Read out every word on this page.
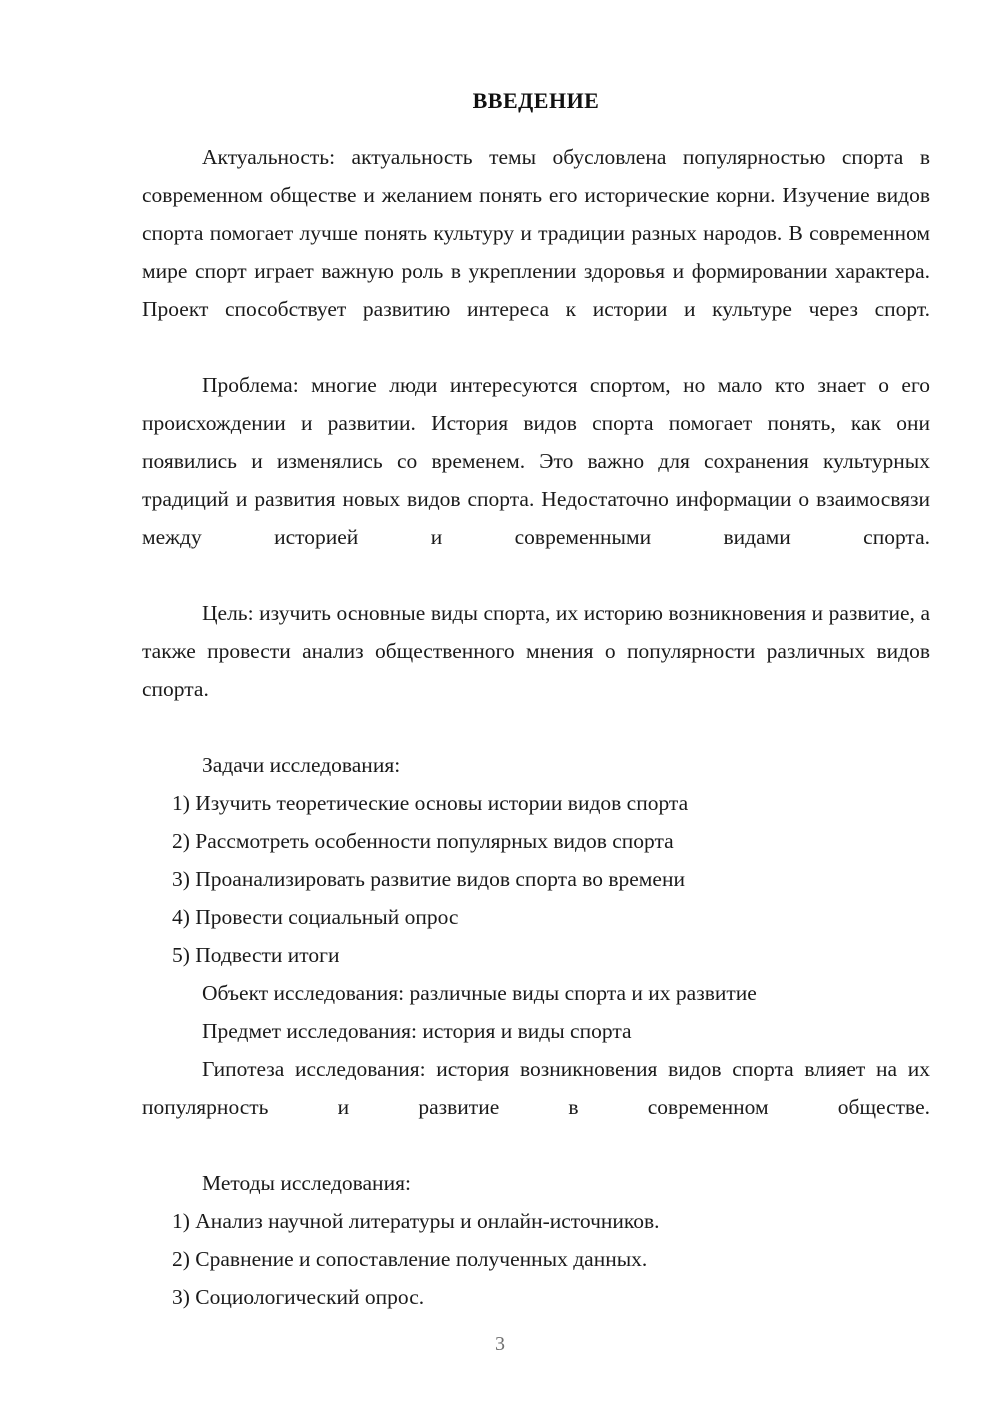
ВВЕДЕНИЕ

Актуальность: актуальность темы обусловлена популярностью спорта в современном обществе и желанием понять его исторические корни. Изучение видов спорта помогает лучше понять культуру и традиции разных народов. В современном мире спорт играет важную роль в укреплении здоровья и формировании характера. Проект способствует развитию интереса к истории и культуре через спорт.

Проблема: многие люди интересуются спортом, но мало кто знает о его происхождении и развитии. История видов спорта помогает понять, как они появились и изменялись со временем. Это важно для сохранения культурных традиций и развития новых видов спорта. Недостаточно информации о взаимосвязи между историей и современными видами спорта.

Цель: изучить основные виды спорта, их историю возникновения и развитие, а также провести анализ общественного мнения о популярности различных видов спорта.

Задачи исследования:

1) Изучить теоретические основы истории видов спорта
2) Рассмотреть особенности популярных видов спорта
3) Проанализировать развитие видов спорта во времени
4) Провести социальный опрос
5) Подвести итоги

Объект исследования: различные виды спорта и их развитие

Предмет исследования: история и виды спорта

Гипотеза исследования: история возникновения видов спорта влияет на их популярность и развитие в современном обществе.

Методы исследования:

1) Анализ научной литературы и онлайн-источников.
2) Сравнение и сопоставление полученных данных.
3) Социологический опрос.
3
